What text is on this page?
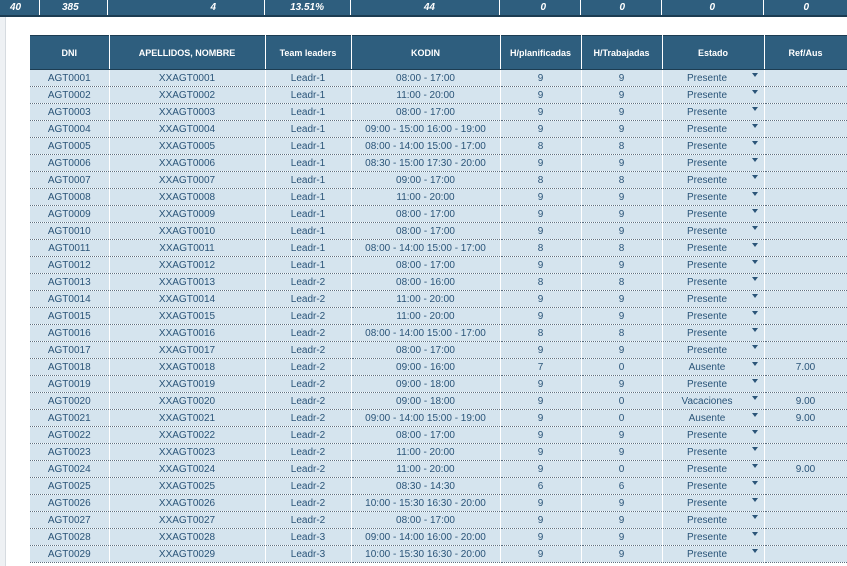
40	385	4	13.51%	44	0	0	0	0
DNI	APELLIDOS, NOMBRE	Team leaders	KODIN	H/planificadas	H/Trabajadas	Estado	Ref/Aus
AGT0001	XXAGT0001	Leadr-1	08:00 - 17:00	9	9	Presente

AGT0002	XXAGT0002	Leadr-1	11:00 - 20:00	9	9	Presente

AGT0003	XXAGT0003	Leadr-1	08:00 - 17:00	9	9	Presente

AGT0004	XXAGT0004	Leadr-1	09:00 - 15:00 16:00 - 19:00	9	9	Presente

AGT0005	XXAGT0005	Leadr-1	08:00 - 14:00 15:00 - 17:00	8	8	Presente

AGT0006	XXAGT0006	Leadr-1	08:30 - 15:00 17:30 - 20:00	9	9	Presente

AGT0007	XXAGT0007	Leadr-1	09:00 - 17:00	8	8	Presente

AGT0008	XXAGT0008	Leadr-1	11:00 - 20:00	9	9	Presente

AGT0009	XXAGT0009	Leadr-1	08:00 - 17:00	9	9	Presente

AGT0010	XXAGT0010	Leadr-1	08:00 - 17:00	9	9	Presente

AGT0011	XXAGT0011	Leadr-1	08:00 - 14:00 15:00 - 17:00	8	8	Presente

AGT0012	XXAGT0012	Leadr-1	08:00 - 17:00	9	9	Presente

AGT0013	XXAGT0013	Leadr-2	08:00 - 16:00	8	8	Presente

AGT0014	XXAGT0014	Leadr-2	11:00 - 20:00	9	9	Presente

AGT0015	XXAGT0015	Leadr-2	11:00 - 20:00	9	9	Presente

AGT0016	XXAGT0016	Leadr-2	08:00 - 14:00 15:00 - 17:00	8	8	Presente

AGT0017	XXAGT0017	Leadr-2	08:00 - 17:00	9	9	Presente

AGT0018	XXAGT0018	Leadr-2	09:00 - 16:00	7	0	Ausente	7.00
AGT0019	XXAGT0019	Leadr-2	09:00 - 18:00	9	9	Presente

AGT0020	XXAGT0020	Leadr-2	09:00 - 18:00	9	0	Vacaciones	9.00
AGT0021	XXAGT0021	Leadr-2	09:00 - 14:00 15:00 - 19:00	9	0	Ausente	9.00
AGT0022	XXAGT0022	Leadr-2	08:00 - 17:00	9	9	Presente

AGT0023	XXAGT0023	Leadr-2	11:00 - 20:00	9	9	Presente

AGT0024	XXAGT0024	Leadr-2	11:00 - 20:00	9	0	Presente	9.00
AGT0025	XXAGT0025	Leadr-2	08:30 - 14:30	6	6	Presente

AGT0026	XXAGT0026	Leadr-2	10:00 - 15:30 16:30 - 20:00	9	9	Presente

AGT0027	XXAGT0027	Leadr-2	08:00 - 17:00	9	9	Presente

AGT0028	XXAGT0028	Leadr-3	09:00 - 14:00 16:00 - 20:00	9	9	Presente

AGT0029	XXAGT0029	Leadr-3	10:00 - 15:30 16:30 - 20:00	9	9	Presente
